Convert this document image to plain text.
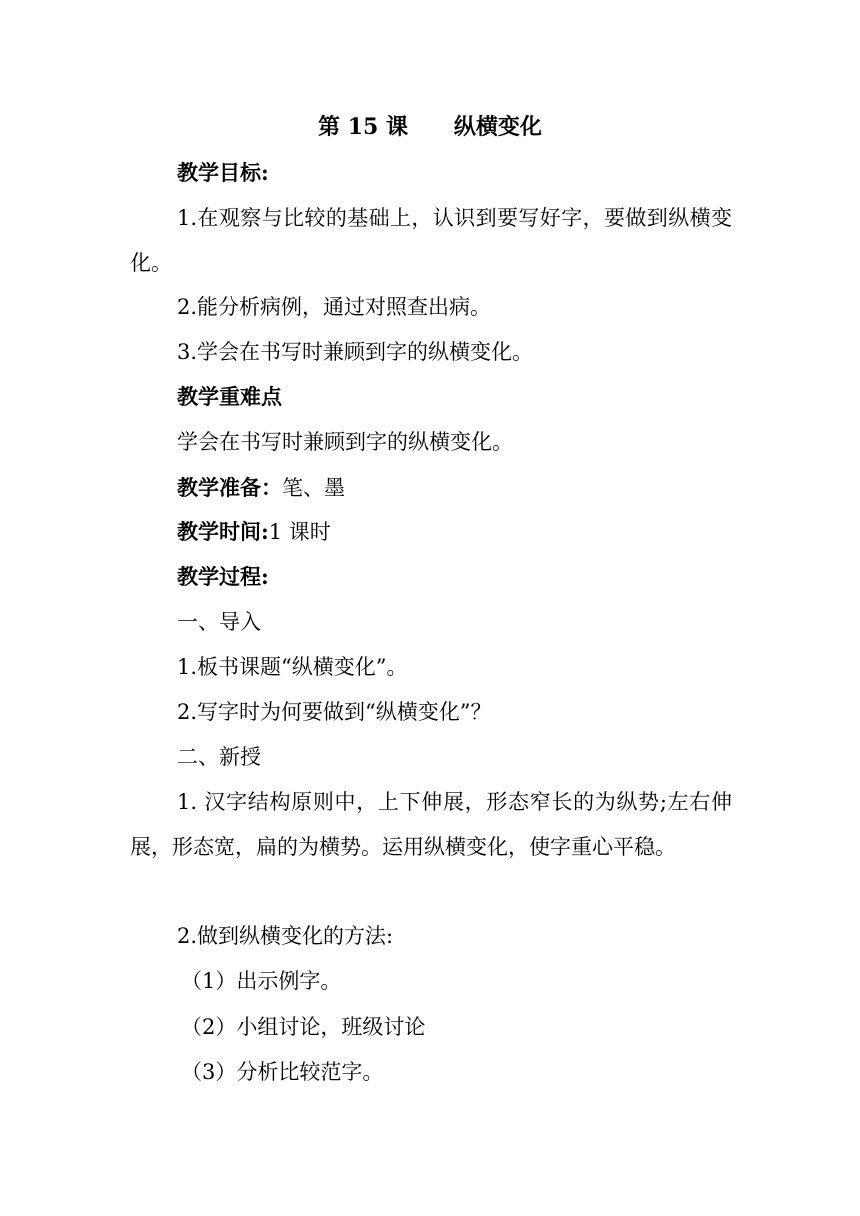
第 15 课      纵横变化
教学目标:
1.在观察与比较的基础上，认识到要写好字，要做到纵横变化。
2.能分析病例，通过对照查出病。
3.学会在书写时兼顾到字的纵横变化。
教学重难点
学会在书写时兼顾到字的纵横变化。
教学准备：笔、墨
教学时间:1 课时
教学过程:
一、导入
1.板书课题“纵横变化”。
2.写字时为何要做到“纵横变化”？
二、新授
1. 汉字结构原则中，上下伸展，形态窄长的为纵势;左右伸展，形态宽，扁的为横势。运用纵横变化，使字重心平稳。
2.做到纵横变化的方法:
（1）出示例字。
（2）小组讨论，班级讨论
（3）分析比较范字。
